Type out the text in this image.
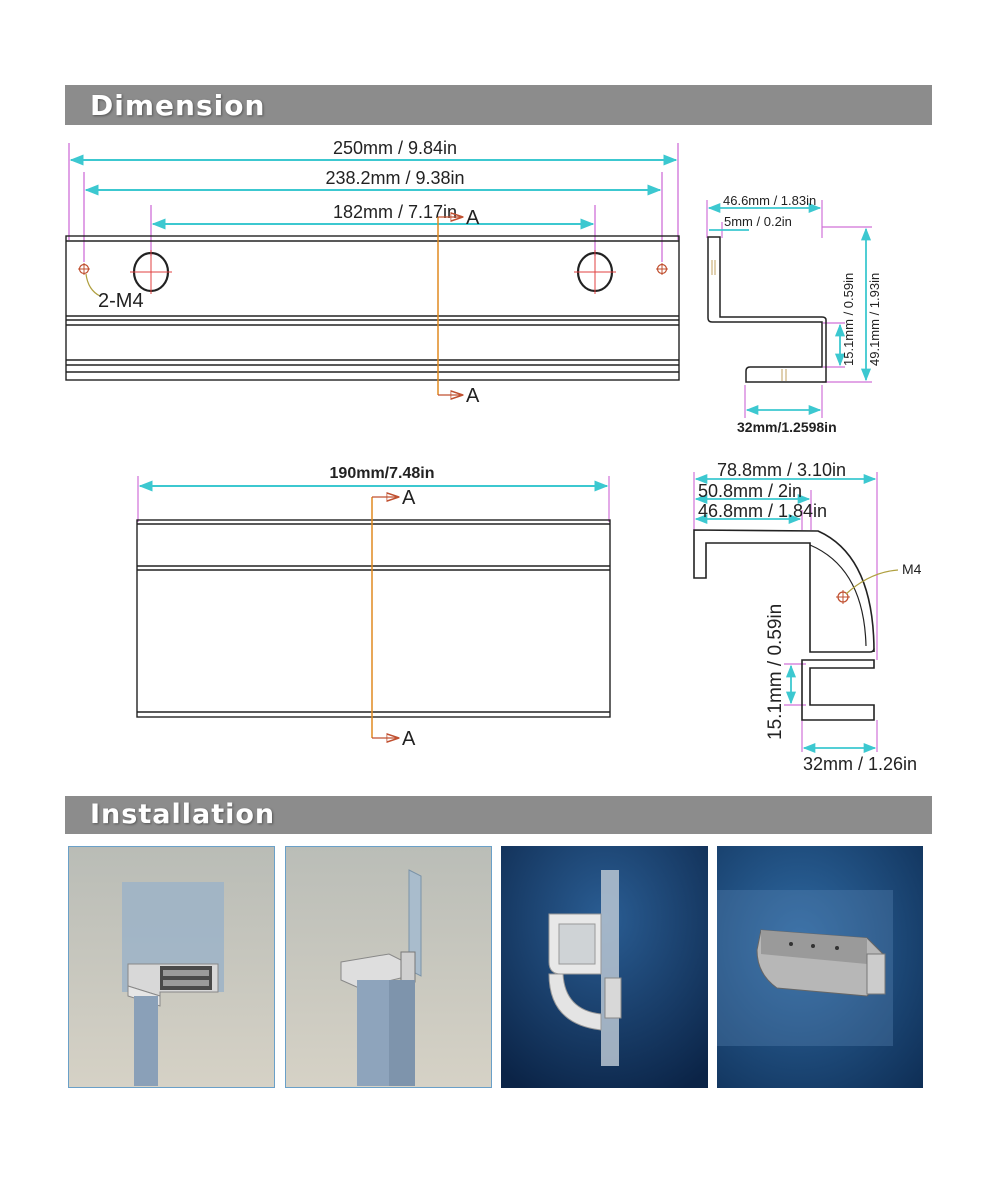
Dimension
Installation
250mm / 9.84in
238.2mm / 9.38in
182mm / 7.17in
2-M4
A
A
46.6mm / 1.83in
5mm / 0.2in
15.1mm / 0.59in 49.1mm / 1.93in
32mm/1.2598in
190mm/7.48in
A
A
78.8mm / 3.10in
50.8mm / 2in
46.8mm / 1.84in
M4
15.1mm / 0.59in
32mm / 1.26in
